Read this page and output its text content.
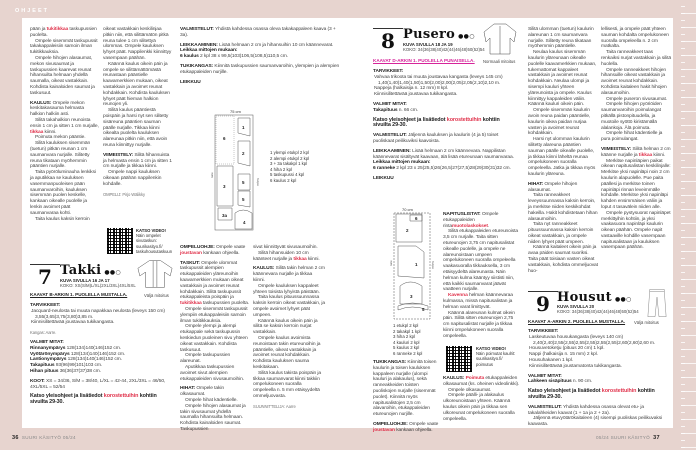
OHJEET

pään ja tukitikkaa taskupussien puolelta.

Ompele sisemmät taskupussit takakappaleisiin samoin ilman tukitikkauksia.

Ompele hihojen alasaumat, mekon sivusaumat ja taskupussien kaarevat reunat hihansuilta helmaan yhdellä saumalla, oikeat vastakkain. Kohdista kainaloiden saumat ja taskusuut.

KAULUS: Ompele mekon keskitakasauma helmasta halkion halkiin asti.

Silitä takahalkion reunoista ensin 1 cm ja sitten 1 cm nurjalle, tikkaa kiinni.

Poimuta mekon pääntie.

Silitä kauluksen sisemmän (tuetun) pitkän reunan 1 cm saumanvara nurjalle. Silitetty reuna tikataan myöhemmin pääntien nurjalle.

Taita pyöröluminauha lenkiksi ja aputikkaa se kauluksen vasemmanpuoleisen pään saumanvaroihin, kauluksen sisemmän puolen keskelle, kankaan oikealle puolelle ja lenkin avoimet päät saumanvaraa kohti.

Taita kaulus kaksin kerroin

oikeat vastakkain keskilinjaa pitkin niin, että silittämätön pitkä reuna tulee 1 cm silitettyä ulommas. Ompele kauluksen lyhyet päät. Nappilenkki kiinnittyy vasempaan päähän.

Käännä kaulus oikein päin ja ompele se silittämättömästä reunastaan pääntielle kaavamerkkien mukaan, oikeat vastakkain ja avoimet reunat kohdakkain. Kohdista kauluksen lyhyet päät hieman halkion reunojen yli.

Silitä kaulus pääntiestä poispäin ja harsi nyt sen silitetty sisäreuna pääntien sauman päälle nurjalle. Tikkaa kiinni oikealta puolelta kauluksen alareunaa pitkin niin, että avoin reuna kiinnittyy nurjalle.

VIIMEISTELY: Silitä hihansuista ja helmasta ensin 1 cm ja sitten 1 cm nurjalle ja tikkaa kiinni.

Ompele nappi kauluksen oikeaan päähän nappilenkin kohdalle.

OMPELIJ: Pirjo Wälikky

KATSO VIDEO!
Näin ompelet sivutaskun: suurikasityo.fi/ taskuhousutaskuun
7 Takki ●●○
KUVA SIVULLA 16 JA 17
KOKO: XS(S/M)L/XL(2XL/3XL)4XL/5XL
KAAVAT B-ARKIN 1. PUOLELLA MUSTALLA.	Väljä mitoitus
TARVIKKEET:
Jacquard-neulosta tai muuta napakkaa neulosta (leveys 150 cm) 3,55(3,65)3,75(3,80)3,85 m.
Kiinnisilitettävää joustavaa tukikangasta.

Kangas: Aarre.

VALMIIT MITAT:

Rinnanympärys 128(134)140(146)152 cm.
Vyötärönympärys 128(134)140(146)152 cm.
Lantionympärys 128(134)140(146)152 cm.
Takapituus 93(96)99(101)103 cm.
Hihan pituus 36(36)37(37)38 cm.

KOOT: XS = 34/36, S/M = 38/40, L/XL = 42-44, 2XL/3XL = 46/50, 4XL/5XL = 52/54

Katso yleisohjeet ja lisätiedot korostettuihin kohtiin sivuilta 29-30.

VALMISTELUT: Yhdistä kahdessa osassa oleva takakappaleen kaava (3 + 3a).

LEIKKAAMINEN: Lisää helmaan 2 cm ja hihansuihin 10 cm käännevarat.

Leikkaa mittojen mukaan:

6 kaulus 2 kpl 38 x 99,5(103)106,5(108,5)110,5 cm.

TUKIKANGAS: Kiinnitä taskupussien saumanvaroihin, ylempien ja alempien etukappaleiden nurjille.

LEIKKUU

75 cm
1
2
3
3a
4
5
5
6
taite
hulpio
1 ylempi etukpl 2 kpl
2 alempi etukpl 2 kpl
3 + 3a takakpl 1 kpl
4 hiha 2 kpl
5 taskupussi 4 kpl
6 kaulus 2 kpl

OMPELUOHJE: Ompele vaate joustavan kankaan ohjeella.

TASKUT: Ompele ulommat taskupussit alempien etukappaleiden yläreunoihin kaavamerkkien mukaan oikeat vastakkain ja avoimet reunat kohdakkain. Silitä taskupussit etukappaleista poispäin ja tukitikkaa taskupussien puolelta.

Ompele sisemmät taskupussit ylempiin etukappaleisiin samoin ilman tukitikkauksia.

Ompele ylempi ja alempi etukappale sekä taskupussin keskiedun puoleinen sivu yhteen oikeat vastakkain. Kohdista taskusuut.

Ompele taskupussien alareunat.

Aputikkaa taskupussien avoimet sivut alempien etukappaleiden sivusaumoihin.

HIHAT: Ompele takin olkasaumat.

Ompele hihat kädentielle.

Ompele hihojen alasaumat ja takin sivusaumat yhdellä saumalla hihansuilta helmaan. Kohdista kainaloiden saumat. Taskupussien

sivut kiinnittyvät sivusaumoihin.

Silitä hihansuiden 10 cm käänteet nurjalle ja tikkaa kiinni.

KAULUS: Silitä takin helman 2 cm käännevara nurjalle ja tikkaa kiinni.

Ompele kauluksen kappaleet yhteen toisista lyhyistä päistään.

Taita kaulus pituussuunnassa kaksin kerroin oikeat vastakkain, ja ompele avoimet lyhyet päät umpeen.

Käännä kaulus oikein päin ja silitä se kaksin kerroin nurjat vastakkain.

Ompele kaulus avoimista reunoistaan takin etureunoihin ja pääntielle, oikeat vastakkain ja avoimet reunat kohdakkain. Kohdista kauluksen sauma keskitakaan.

Silitä kaulus takista poispäin ja tikkaa saumanvarat kiinni takkiin ompelukoneen suoralla ompeleella n. 5 mm etäisyydeltä ommeljuovasta.

SUUNNITTELIJA: Aarre

8 Pusero ●●○
KUVA SIVULLA 18 JA 19
KOKO: 34(36)38(40)42(44)46(48)50(52)54
KAAVAT D-ARKIN 1. PUOLELLA PUNAISELLA. Normaali mitoitus
TARVIKKEET:
Vahvaa trikoota tai muuta joustavaa kangasta (leveys 145 cm) 1,40(1,40)1,40(1,50)1,50(2,00)2,00(2,05)2,05(2,10)2,10 m.
Nappeja (halkaisija n. 12 mm) 8 kpl.
Kiinnisilitettävää joustavaa tukikangasta.

VALMIIT MITAT:

Takapituus n. 66 cm.

Katso yleisohjeet ja lisätiedot korostettuihin kohtiin sivuilta 29-30.

VALMISTELUT: Jäljennä kauluksen ja kaulurin (4 ja 5) toiset puoliskaat peilikuviksi kaavoista.

LEIKKAAMINEN: Lisää helmaan 2 cm käännevara. Nappilistan käännevarat sisältyvät kaavaan, älä lisää etureunaan saumanvaraa.

Leikkaa mittojen mukaan:

6 ranneke 2 kpl 23 x 25(25,5)26(26,5)27(27,5)28(29)30(31)32 cm.

LEIKKUU

70 cm
1
2
3
5
6
taite	hulpio
1 etukpl 2 kpl
2 takakpl 1 kpl
3 hiha 2 kpl
4 kauluri 2 kpl
5 kaulus 2 kpl
6 ranneke 2 kpl

NAPITUSLISTAT: Ompele etukappaleiden rintamuotolaskokset.

Silitä etukappaleiden etureunoista 3,5 cm nurjalle. Taita sitten etureunojen 3,75 cm napitusalistat oikealle puolelle, ja ompele ne alareunoistaan umpeen ompelukoneen suoralla ompeleella vaakasuoralla tikkauksella, 3 cm etäisyydeltä alareunasta. Näin helman kulma kääntyy siististi niin, että kaikki saumanvarat jäävät vaatteen nurjalle.

Kavenna helman käännevaraa kulmassa, missä napitusalistan ja helman varat limittyvät.

Käännä alareunan kulmat oikein päin. Silitä sitten etureunojen 2,75 cm napitusalistat nurjalle ja tikkaa kiinni ompelukoneen suoralla ompeleella.

KATSO VIDEO!
Näin poimutat kaulrit: suurikasityo.fi/ poimutus

KAULUS: Poimuta etukappaleiden olkasaumat (ks. oheinen videolinkki).

Ompele olkasaumat.

Ompele päälli- ja alakaulus ulkoreunoistaan yhteen. Käännä kaulus oikein päin ja tikkaa sen ulkoreunat ompelukoneen suoralla ompeleella.

TUKIKANGAS: Kiinnitä toisen kaulurin ja toisen kauluksen kappaleen nurjalle (ulompi kauluri ja alakaulus), sekä ranneakkeiden toisten puoliskojen nurjalle (sisemmät puolet). Kiinnitä myös napitusalistojen 2,5 cm alavaroihin, etukappaleiden etureunojen nurjille.

OMPELUOHJE: Ompele vaate joustavan kankaan ohjeella.

Silitä ulomman (tuetun) kaulurin alareunan 1 cm saumanvara nurjalle. Silitetty reuna tikataan myöhemmin pääntielle.

Neulaa kaulus sisemmän kaulurin yläreunaan oikealle puolelle kaavamerkkien mukaan, tukemattomat kappaleet vastakkain ja avoimet reunat kohdakkain. Neulaa ulompi ja sisempi kauluri yhteen yläreunoista ja ompele. Kaulus kiinnittyy kappaleiden väliin. Käännä kauluri oikein päin.

Ompele sisemmän kaulurin avoin reuna paidan pääntielle, kaulurin oikea paidan nurjaa vasten ja avoimet reunat kohdakkain.

Harsi nyt ulomman kaulurin silitetty alareuna pääntien sauman päälle oikealle puolelle, ja tikkaa kiinni läheltä reunaa ompelukoneen suoralla ompeleella. Jatka ja tikkaa myös kaulurin yläreuna.

HIHAT: Ompele hihojen alasaumat.

Taita ranneakkeet leveyssuunnassa kaksin kerroin, ja merkitse niiden keskikohdat hakeilla. Hakit kohdistetaan hihan alasaumoihin.

Taita nyt ranneakkeet pituussuunnassa kaksin kerroin oikeat vastakkain, ja ompele niiden lyhyet päät umpeen.

Käännä kaitaleet oikein päin ja avaa päiden saumat suoriksi. Taita päät toisiaan vasten oikeat vastakkain, kohdista ommeljuovat huo-

lellisesti, ja ompele päät yhteen sauman kohdalta ompelukoneen suoralla ompeleella n. 2 cm matkalta.

Taita ranneakkeet taas renkaiksi nurjat vastakkain ja silitä huolella.

Ompele ranneakkeet hihojen hihansuille oikeat vastakkain ja avoimet reunat kohdakkain. Kohdista kaitaleen hakit hihojen alasaumoihin.

Ompele puseron sivusaumat.

Ompele hihojen pyöriöiden saumanvaroihin poimulangat pitkällä pistonpituudella, ja muotoile syöttö kiristämällä alalankoja. Älä poimuta.

Ompele hihat kädentielle ja pura poimulangat.

VIIMEISTELY: Silitä helman 2 cm käänne nurjalle ja tikkaa kiinni.

Merkitse napinläpien paikat oikean napitusalistan keskilinjalle: Merkitse yksi napinläpi noin 2 cm kaulurin alapuolelle. Pue paita päällesi ja merkitse toinen napinläpi rinnan leveimmälle kohdalle. Merkitse yksi napinläpi kahden ensimmäisen väliin ja loput 4 tasavälein niiden alle.

Ompele pystysuorat napinläpet merkittyihin kohtiin, ja yksi vaakasuora napinläpi kaulurin oikean päähän. Ompele napit vastaaville kohdille vasempaan napitusalistaan ja kauluksen vasempaan päähän.

9 Housut ●●○
KUVA SIVULLA 20
KOKO: 34(36)38(40)42(44)46(48)50(52)54
KAAVAT A-ARKIN 2. PUOLELLA MUSTALLA. Väljä mitoitus
TARVIKKEET:
Laskeutuvaa housukangasta (leveys 140 cm) 2,40(2,40)2,55(2,55)2,55(2,55)2,55(2,55)2,60(2,60)2,60 m.
Housuvetoketju (pituus 20 cm) 1 kpl.
Nappi (halkaisija n. 15 mm) 2 kpl.
Housuhakanen 1 kpl.
Kiinnisilitettävää joustamatonta tukikangasta.

VALMIIT MITAT:

Lahkeen sisäpituus n. 90 cm.

Katso yleisohjeet ja lisätiedot korostettuihin kohtiin sivuilta 29-30.

VALMISTELUT: Yhdistä kahdessa osassa olevat etu- ja takalahkeiden kaavat (1 + 1a ja 2 + 2a).

Jäljennä etuvyötärökaitaleen (4) sisempi puoliskas peilikuvaksi kaavasta.

36 SUURI KÄSITYÖ 05/24	05/24 SUURI KÄSITYÖ 37
